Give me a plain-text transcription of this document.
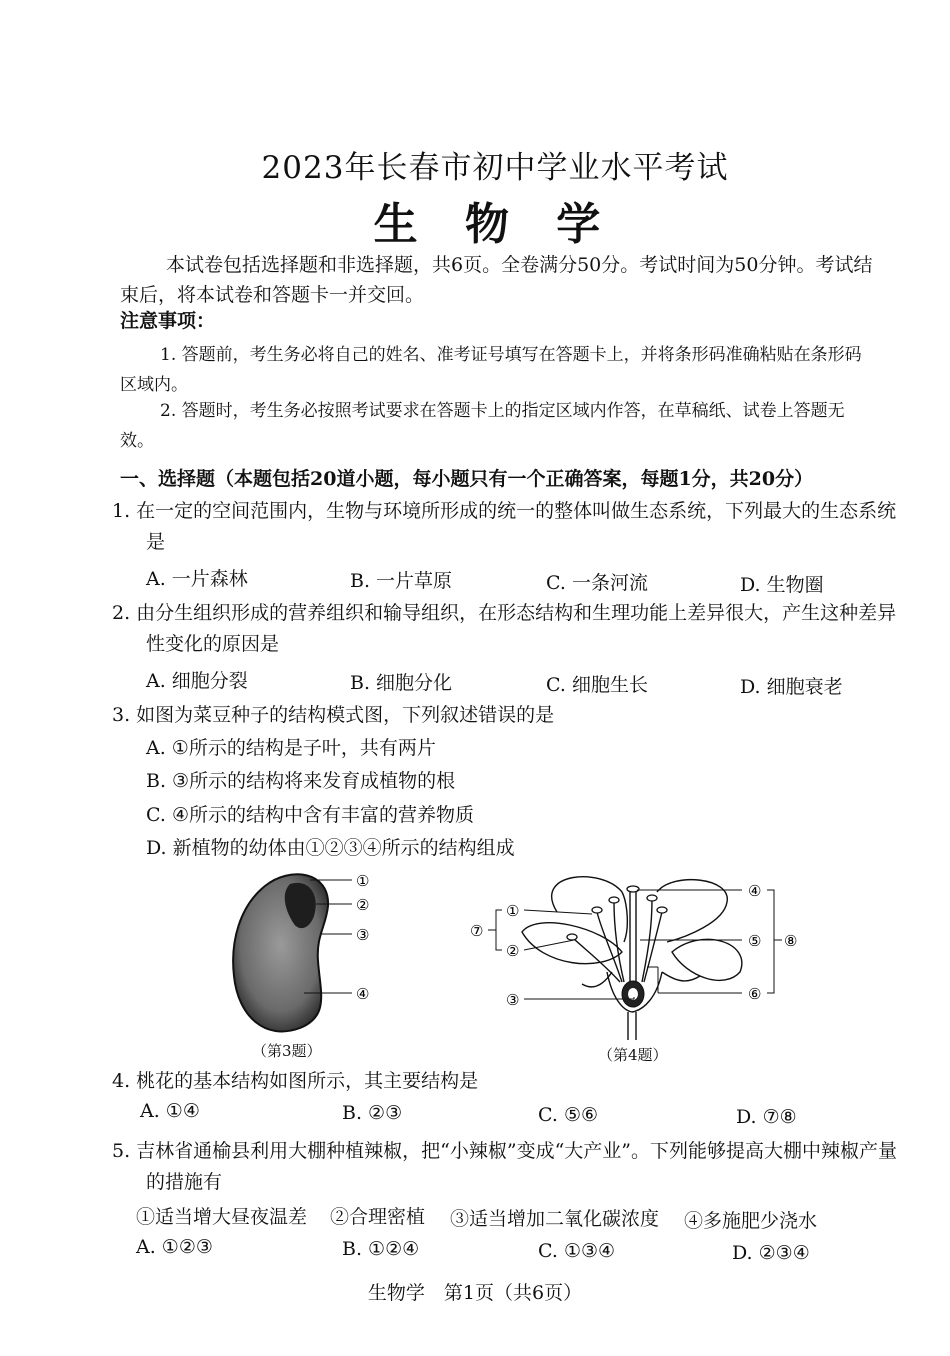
2023年长春市初中学业水平考试
生 物 学
本试卷包括选择题和非选择题，共6页。全卷满分50分。考试时间为50分钟。考试结束后，将本试卷和答题卡一并交回。
注意事项：
1. 答题前，考生务必将自己的姓名、准考证号填写在答题卡上，并将条形码准确粘贴在条形码区域内。
2. 答题时，考生务必按照考试要求在答题卡上的指定区域内作答，在草稿纸、试卷上答题无效。
一、选择题（本题包括20道小题，每小题只有一个正确答案，每题1分，共20分）
1. 在一定的空间范围内，生物与环境所形成的统一的整体叫做生态系统，下列最大的生态系统是
A. 一片森林	B. 一片草原	C. 一条河流	D. 生物圈
2. 由分生组织形成的营养组织和输导组织，在形态结构和生理功能上差异很大，产生这种差异性变化的原因是
A. 细胞分裂	B. 细胞分化	C. 细胞生长	D. 细胞衰老
3. 如图为菜豆种子的结构模式图，下列叙述错误的是
A. ①所示的结构是子叶，共有两片
B. ③所示的结构将来发育成植物的根
C. ④所示的结构中含有丰富的营养物质
D. 新植物的幼体由①②③④所示的结构组成
①
②
③
④
（第3题）
①
②
③
④
⑤
⑥
⑦
⑧
（第4题）
4. 桃花的基本结构如图所示，其主要结构是
A. ①④	B. ②③	C. ⑤⑥	D. ⑦⑧
5. 吉林省通榆县利用大棚种植辣椒，把“小辣椒”变成“大产业”。下列能够提高大棚中辣椒产量的措施有
①适当增大昼夜温差 ②合理密植 ③适当增加二氧化碳浓度 ④多施肥少浇水
A. ①②③	B. ①②④	C. ①③④	D. ②③④
生物学　第1页（共6页）
